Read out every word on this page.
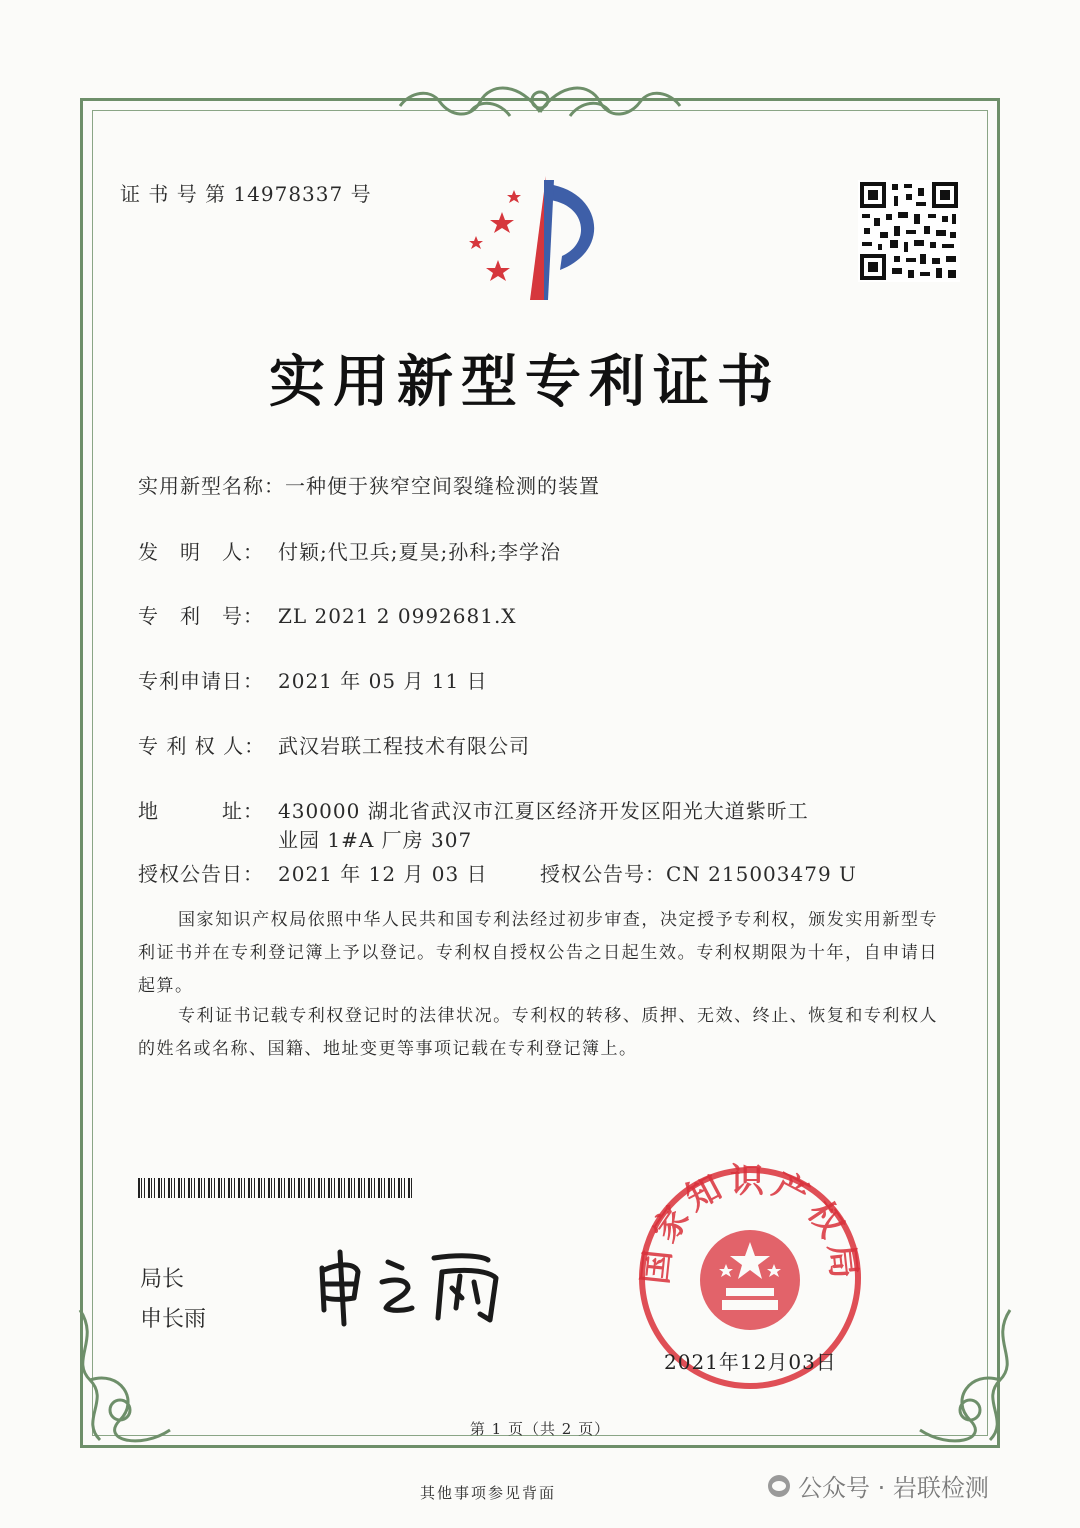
证 书 号 第 14978337 号
实用新型专利证书
实用新型名称：一种便于狭窄空间裂缝检测的装置
发　明　人： 付颖;代卫兵;夏昊;孙科;李学治
专　利　号： ZL 2021 2 0992681.X
专利申请日： 2021 年 05 月 11 日
专 利 权 人： 武汉岩联工程技术有限公司
地　　　址： 430000 湖北省武汉市江夏区经济开发区阳光大道紫昕工
业园 1#A 厂房 307
授权公告日： 2021 年 12 月 03 日	授权公告号：CN 215003479 U
国家知识产权局依照中华人民共和国专利法经过初步审查，决定授予专利权，颁发实用新型专利证书并在专利登记簿上予以登记。专利权自授权公告之日起生效。专利权期限为十年，自申请日起算。
专利证书记载专利权登记时的法律状况。专利权的转移、质押、无效、终止、恢复和专利权人的姓名或名称、国籍、地址变更等事项记载在专利登记簿上。
局长
申长雨
国家知识产权局
2021年12月03日
第 1 页（共 2 页）
其他事项参见背面	公众号 · 岩联检测
